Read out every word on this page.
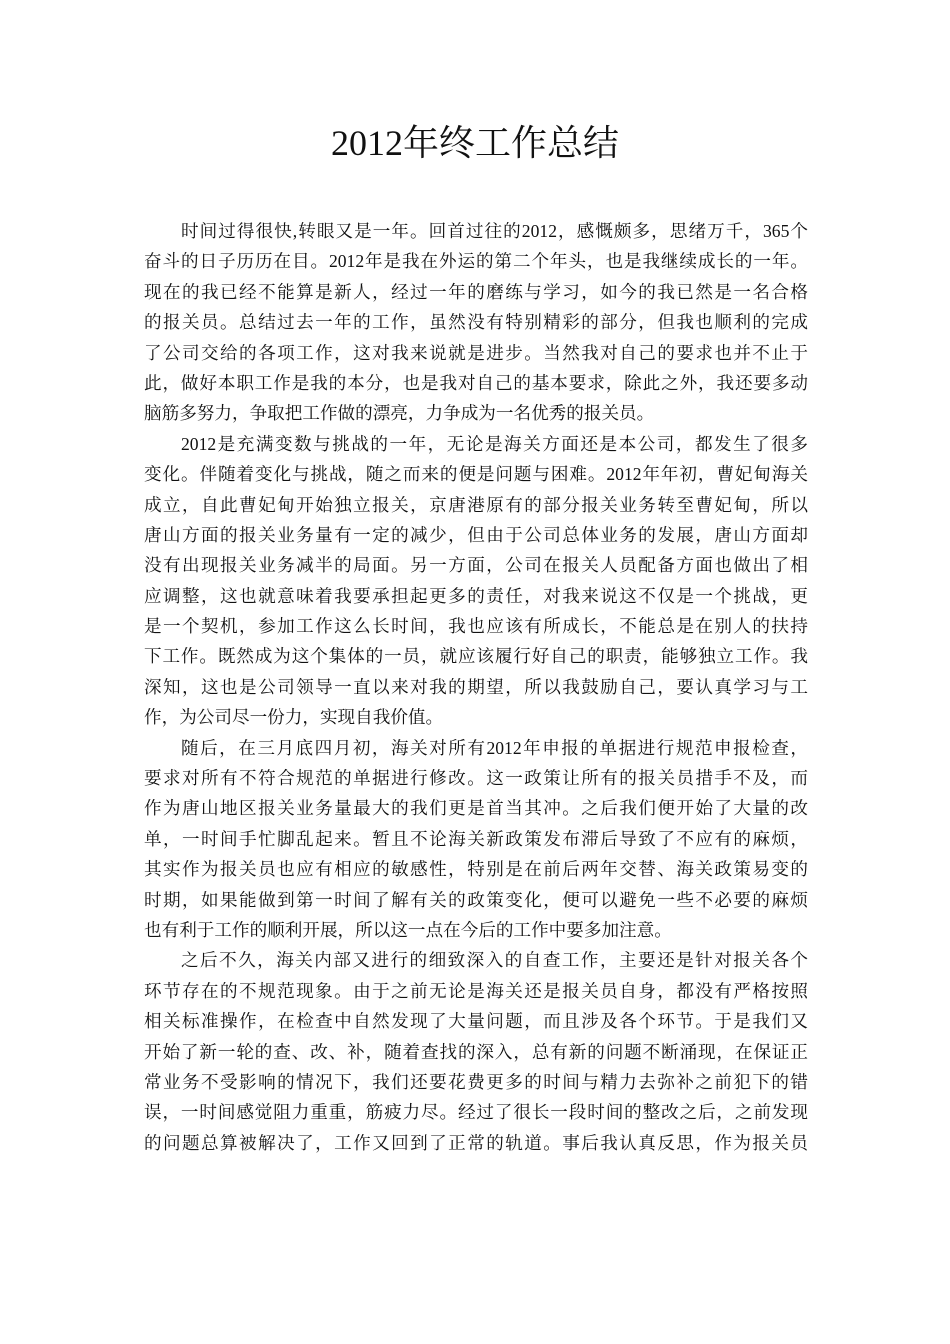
2012年终工作总结
时间过得很快,转眼又是一年。回首过往的2012，感慨颇多，思绪万千，365个
奋斗的日子历历在目。2012年是我在外运的第二个年头，也是我继续成长的一年。
现在的我已经不能算是新人，经过一年的磨练与学习，如今的我已然是一名合格
的报关员。总结过去一年的工作，虽然没有特别精彩的部分，但我也顺利的完成
了公司交给的各项工作，这对我来说就是进步。当然我对自己的要求也并不止于
此，做好本职工作是我的本分，也是我对自己的基本要求，除此之外，我还要多动
脑筋多努力，争取把工作做的漂亮，力争成为一名优秀的报关员。
2012是充满变数与挑战的一年，无论是海关方面还是本公司，都发生了很多
变化。伴随着变化与挑战，随之而来的便是问题与困难。2012年年初，曹妃甸海关
成立，自此曹妃甸开始独立报关，京唐港原有的部分报关业务转至曹妃甸，所以
唐山方面的报关业务量有一定的减少，但由于公司总体业务的发展，唐山方面却
没有出现报关业务减半的局面。另一方面，公司在报关人员配备方面也做出了相
应调整，这也就意味着我要承担起更多的责任，对我来说这不仅是一个挑战，更
是一个契机，参加工作这么长时间，我也应该有所成长，不能总是在别人的扶持
下工作。既然成为这个集体的一员，就应该履行好自己的职责，能够独立工作。我
深知，这也是公司领导一直以来对我的期望，所以我鼓励自己，要认真学习与工
作，为公司尽一份力，实现自我价值。
随后，在三月底四月初，海关对所有2012年申报的单据进行规范申报检查，
要求对所有不符合规范的单据进行修改。这一政策让所有的报关员措手不及，而
作为唐山地区报关业务量最大的我们更是首当其冲。之后我们便开始了大量的改
单，一时间手忙脚乱起来。暂且不论海关新政策发布滞后导致了不应有的麻烦，
其实作为报关员也应有相应的敏感性，特别是在前后两年交替、海关政策易变的
时期，如果能做到第一时间了解有关的政策变化，便可以避免一些不必要的麻烦
也有利于工作的顺利开展，所以这一点在今后的工作中要多加注意。
之后不久，海关内部又进行的细致深入的自查工作，主要还是针对报关各个
环节存在的不规范现象。由于之前无论是海关还是报关员自身，都没有严格按照
相关标准操作，在检查中自然发现了大量问题，而且涉及各个环节。于是我们又
开始了新一轮的查、改、补，随着查找的深入，总有新的问题不断涌现，在保证正
常业务不受影响的情况下，我们还要花费更多的时间与精力去弥补之前犯下的错
误，一时间感觉阻力重重，筋疲力尽。经过了很长一段时间的整改之后，之前发现
的问题总算被解决了，工作又回到了正常的轨道。事后我认真反思，作为报关员
